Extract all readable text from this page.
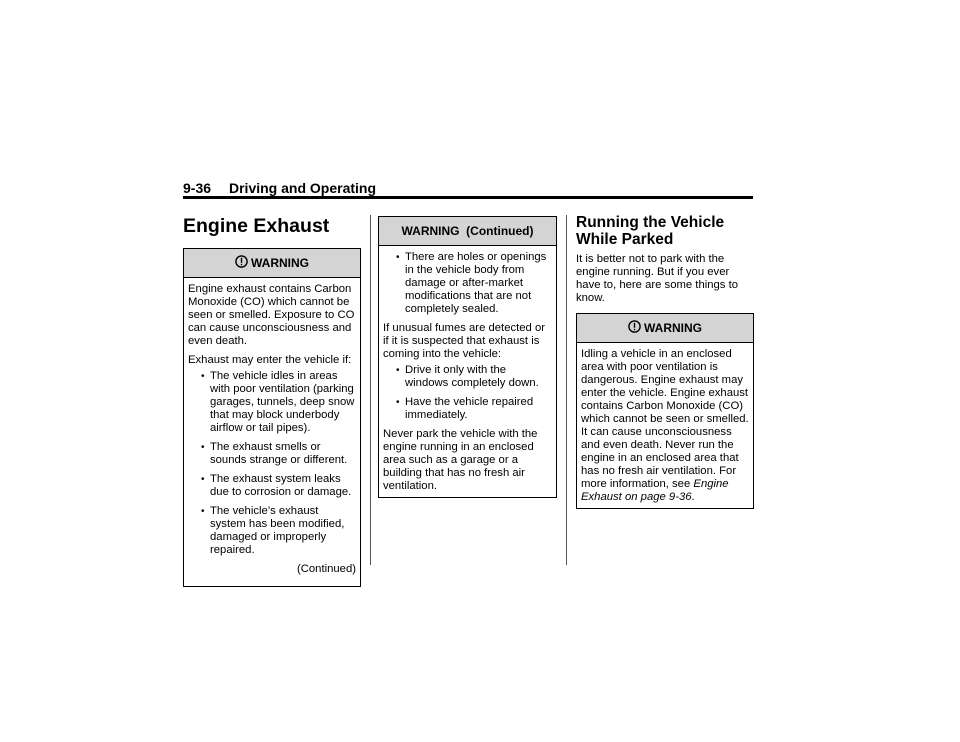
9-36 Driving and Operating
Engine Exhaust
WARNING

Engine exhaust contains Carbon Monoxide (CO) which cannot be seen or smelled. Exposure to CO can cause unconsciousness and even death.

Exhaust may enter the vehicle if:

• The vehicle idles in areas with poor ventilation (parking garages, tunnels, deep snow that may block underbody airflow or tail pipes).
• The exhaust smells or sounds strange or different.
• The exhaust system leaks due to corrosion or damage.
• The vehicle’s exhaust system has been modified, damaged or improperly repaired.

(Continued)

WARNING  (Continued)
• There are holes or openings in the vehicle body from damage or after-market modifications that are not completely sealed.

If unusual fumes are detected or if it is suspected that exhaust is coming into the vehicle:

• Drive it only with the windows completely down.
• Have the vehicle repaired immediately.

Never park the vehicle with the engine running in an enclosed area such as a garage or a building that has no fresh air ventilation.

Running the Vehicle While Parked

It is better not to park with the engine running. But if you ever have to, here are some things to know.

WARNING

Idling a vehicle in an enclosed area with poor ventilation is dangerous. Engine exhaust may enter the vehicle. Engine exhaust contains Carbon Monoxide (CO) which cannot be seen or smelled. It can cause unconsciousness and even death. Never run the engine in an enclosed area that has no fresh air ventilation. For more information, see Engine Exhaust on page 9-36.
